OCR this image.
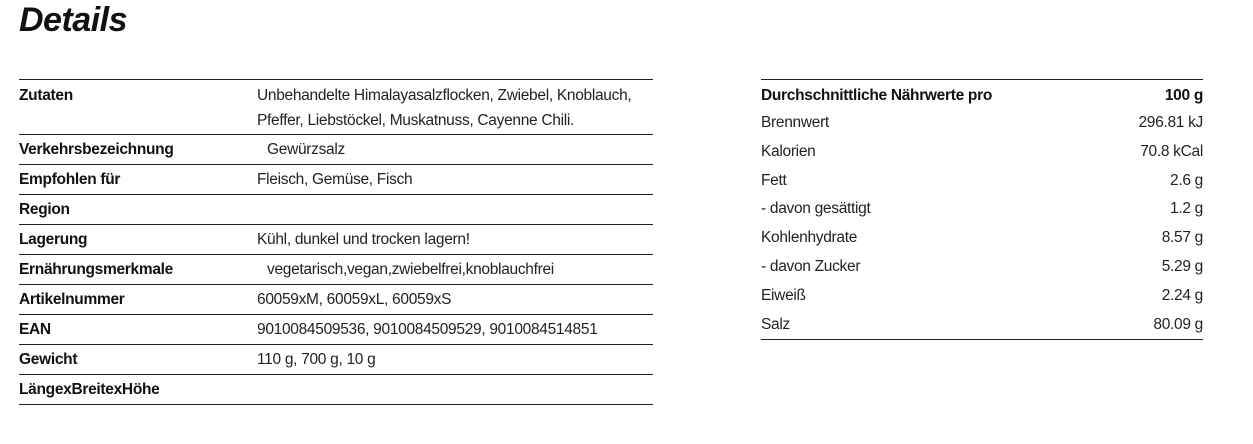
Details
Zutaten	Unbehandelte Himalayasalzflocken, Zwiebel, Knoblauch, Pfeffer, Liebstöckel, Muskatnuss, Cayenne Chili.
Verkehrsbezeichnung	Gewürzsalz
Empfohlen für	Fleisch, Gemüse, Fisch
Region	
Lagerung	Kühl, dunkel und trocken lagern!
Ernährungsmerkmale	vegetarisch,vegan,zwiebelfrei,knoblauchfrei
Artikelnummer	60059xM, 60059xL, 60059xS
EAN	9010084509536, 9010084509529, 9010084514851
Gewicht	110 g, 700 g, 10 g
LängexBreitexHöhe	
Durchschnittliche Nährwerte pro	100 g
Brennwert	296.81 kJ
Kalorien	70.8 kCal
Fett	2.6 g
- davon gesättigt	1.2 g
Kohlenhydrate	8.57 g
- davon Zucker	5.29 g
Eiweiß	2.24 g
Salz	80.09 g
